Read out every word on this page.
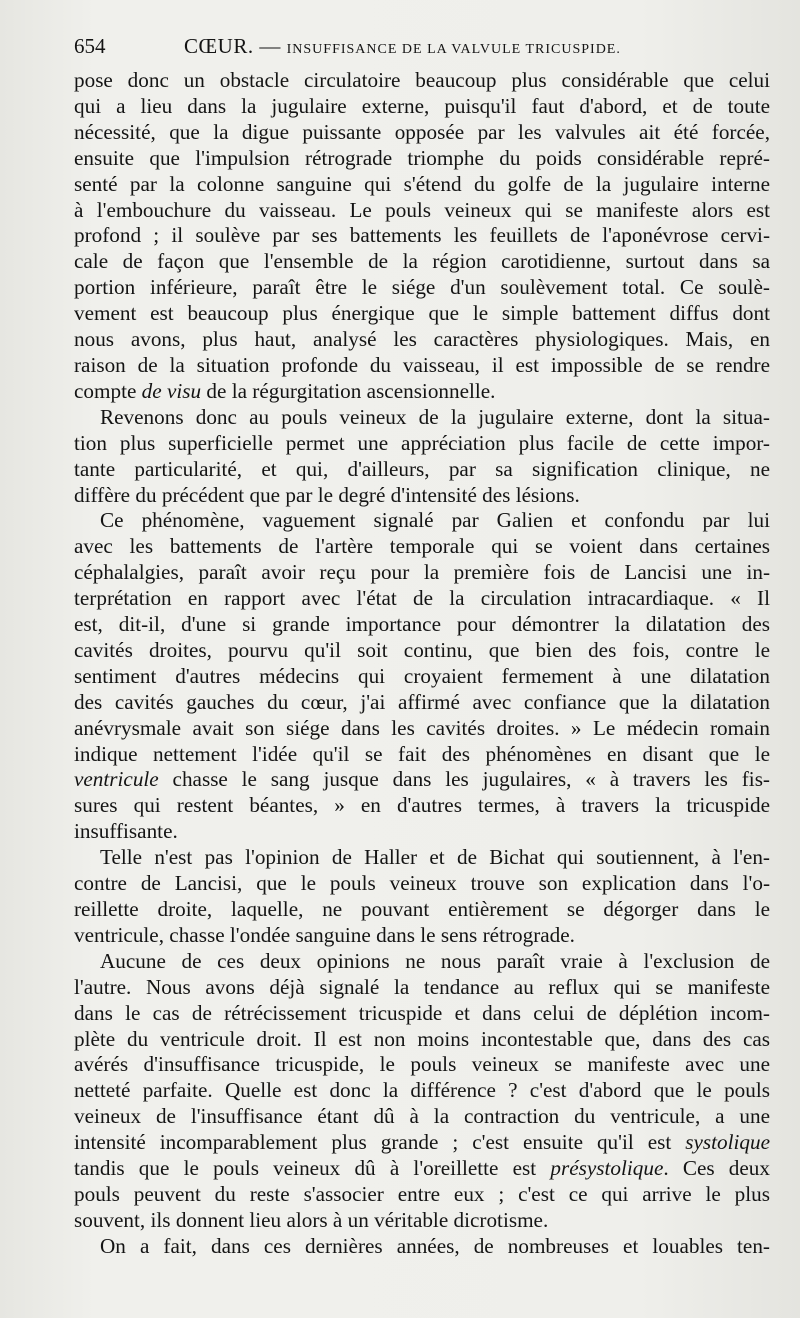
654	CŒUR. — INSUFFISANCE DE LA VALVULE TRICUSPIDE.

pose donc un obstacle circulatoire beaucoup plus considérable que celui
qui a lieu dans la jugulaire externe, puisqu'il faut d'abord, et de toute
nécessité, que la digue puissante opposée par les valvules ait été forcée,
ensuite que l'impulsion rétrograde triomphe du poids considérable repré-
senté par la colonne sanguine qui s'étend du golfe de la jugulaire interne
à l'embouchure du vaisseau. Le pouls veineux qui se manifeste alors est
profond ; il soulève par ses battements les feuillets de l'aponévrose cervi-
cale de façon que l'ensemble de la région carotidienne, surtout dans sa
portion inférieure, paraît être le siége d'un soulèvement total. Ce soulè-
vement est beaucoup plus énergique que le simple battement diffus dont
nous avons, plus haut, analysé les caractères physiologiques. Mais, en
raison de la situation profonde du vaisseau, il est impossible de se rendre
compte de visu de la régurgitation ascensionnelle.

Revenons donc au pouls veineux de la jugulaire externe, dont la situa-
tion plus superficielle permet une appréciation plus facile de cette impor-
tante particularité, et qui, d'ailleurs, par sa signification clinique, ne
diffère du précédent que par le degré d'intensité des lésions.

Ce phénomène, vaguement signalé par Galien et confondu par lui
avec les battements de l'artère temporale qui se voient dans certaines
céphalalgies, paraît avoir reçu pour la première fois de Lancisi une in-
terprétation en rapport avec l'état de la circulation intracardiaque. « Il
est, dit-il, d'une si grande importance pour démontrer la dilatation des
cavités droites, pourvu qu'il soit continu, que bien des fois, contre le
sentiment d'autres médecins qui croyaient fermement à une dilatation
des cavités gauches du cœur, j'ai affirmé avec confiance que la dilatation
anévrysmale avait son siége dans les cavités droites. » Le médecin romain
indique nettement l'idée qu'il se fait des phénomènes en disant que le
ventricule chasse le sang jusque dans les jugulaires, « à travers les fis-
sures qui restent béantes, » en d'autres termes, à travers la tricuspide
insuffisante.

Telle n'est pas l'opinion de Haller et de Bichat qui soutiennent, à l'en-
contre de Lancisi, que le pouls veineux trouve son explication dans l'o-
reillette droite, laquelle, ne pouvant entièrement se dégorger dans le
ventricule, chasse l'ondée sanguine dans le sens rétrograde.

Aucune de ces deux opinions ne nous paraît vraie à l'exclusion de
l'autre. Nous avons déjà signalé la tendance au reflux qui se manifeste
dans le cas de rétrécissement tricuspide et dans celui de déplétion incom-
plète du ventricule droit. Il est non moins incontestable que, dans des cas
avérés d'insuffisance tricuspide, le pouls veineux se manifeste avec une
netteté parfaite. Quelle est donc la différence ? c'est d'abord que le pouls
veineux de l'insuffisance étant dû à la contraction du ventricule, a une
intensité incomparablement plus grande ; c'est ensuite qu'il est systolique
tandis que le pouls veineux dû à l'oreillette est présystolique. Ces deux
pouls peuvent du reste s'associer entre eux ; c'est ce qui arrive le plus
souvent, ils donnent lieu alors à un véritable dicrotisme.

On a fait, dans ces dernières années, de nombreuses et louables ten-
